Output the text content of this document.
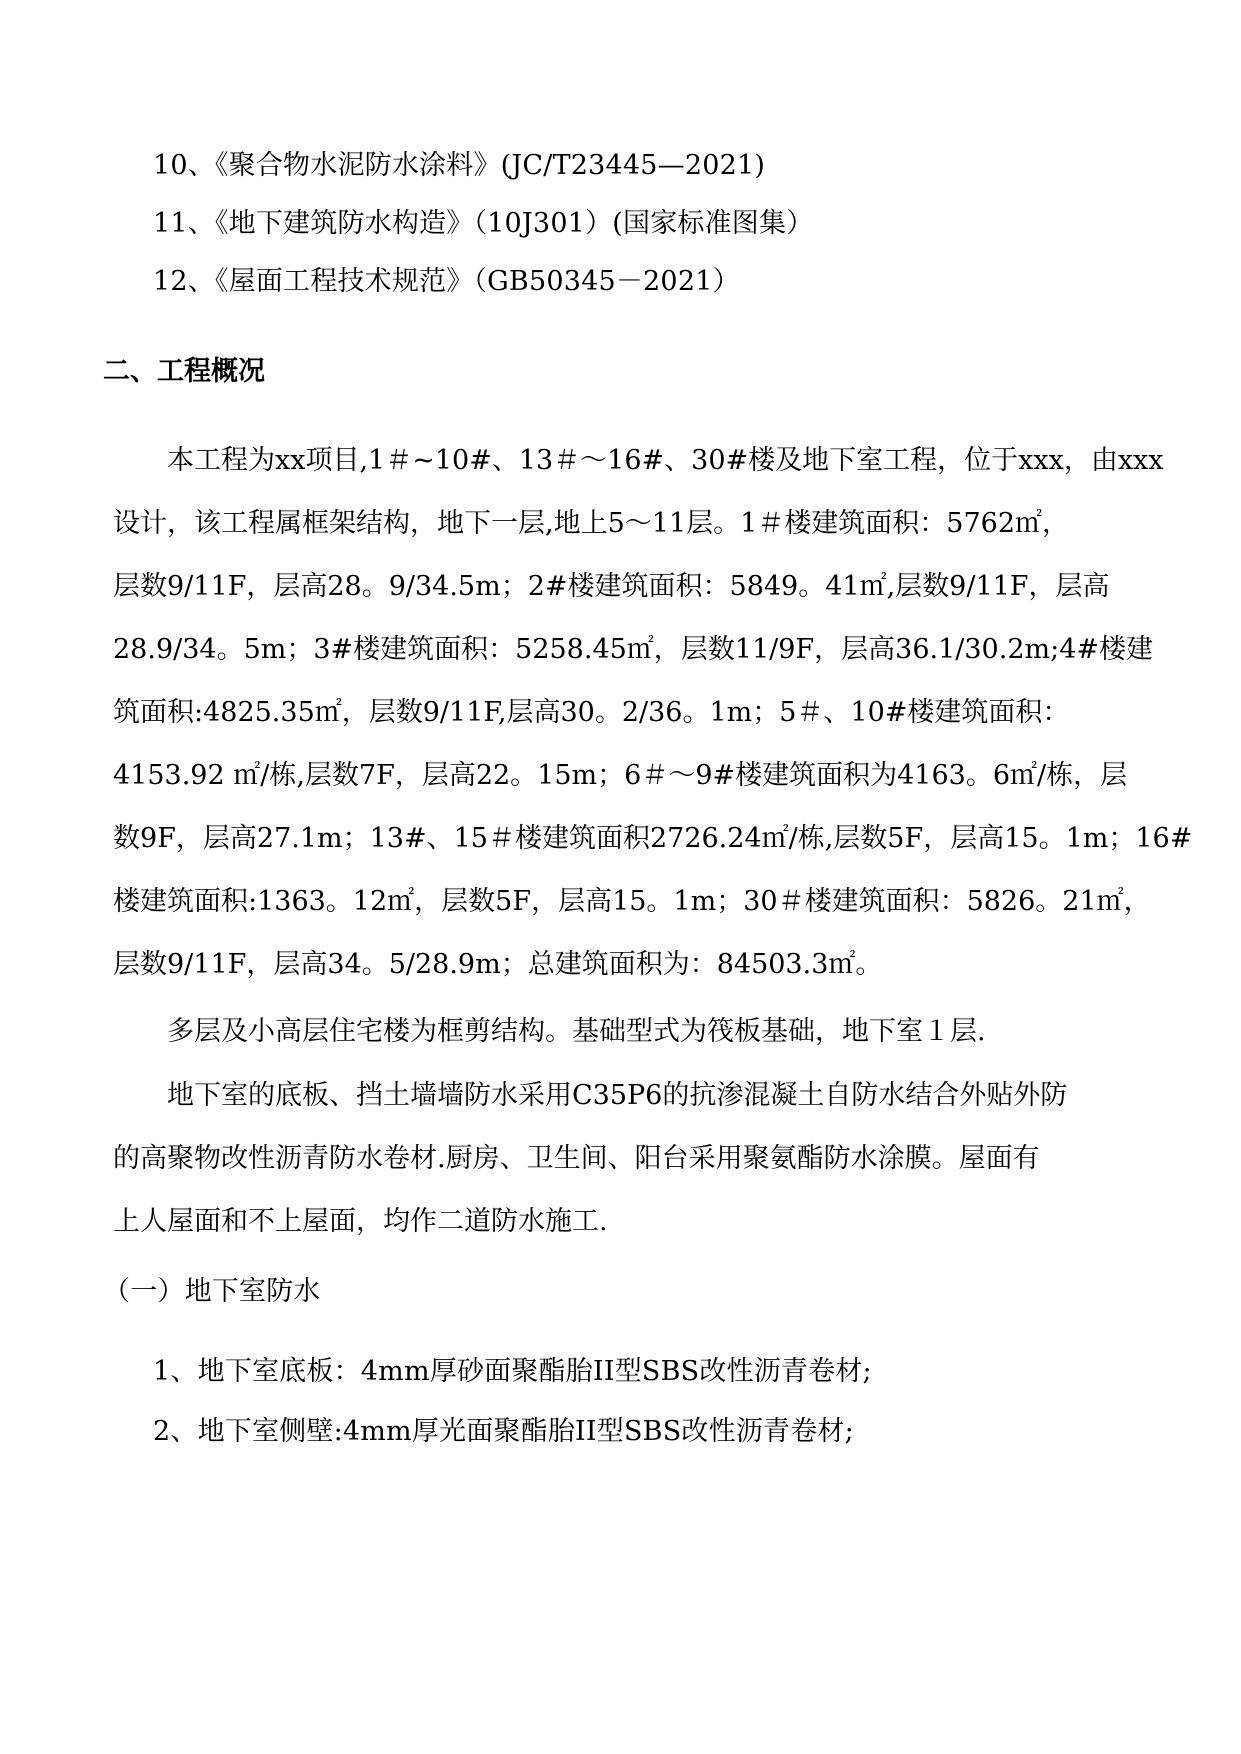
10、《聚合物水泥防水涂料》(JC/T23445—2021)
11、《地下建筑防水构造》（10J301）(国家标准图集）
12、《屋面工程技术规范》（GB50345－2021）
二、工程概况
本工程为xx项目,1＃~10#、13＃～16#、30#楼及地下室工程，位于xxx，由xxx
设计，该工程属框架结构，地下一层,地上5～11层。1＃楼建筑面积：5762㎡，
层数9/11F，层高28。9/34.5m；2#楼建筑面积：5849。41㎡,层数9/11F，层高
28.9/34。5m；3#楼建筑面积：5258.45㎡，层数11/9F，层高36.1/30.2m;4#楼建
筑面积:4825.35㎡，层数9/11F,层高30。2/36。1m；5＃、10#楼建筑面积：
4153.92 ㎡/栋,层数7F，层高22。15m；6＃～9#楼建筑面积为4163。6㎡/栋，层
数9F，层高27.1m；13#、15＃楼建筑面积2726.24㎡/栋,层数5F，层高15。1m；16#
楼建筑面积:1363。12㎡，层数5F，层高15。1m；30＃楼建筑面积：5826。21㎡，
层数9/11F，层高34。5/28.9m；总建筑面积为：84503.3㎡。
多层及小高层住宅楼为框剪结构。基础型式为筏板基础，地下室１层.
地下室的底板、挡土墙墙防水采用C35P6的抗渗混凝土自防水结合外贴外防
的高聚物改性沥青防水卷材.厨房、卫生间、阳台采用聚氨酯防水涂膜。屋面有
上人屋面和不上屋面，均作二道防水施工.
（一）地下室防水
1、地下室底板：4mm厚砂面聚酯胎II型SBS改性沥青卷材;
2、地下室侧壁:4mm厚光面聚酯胎II型SBS改性沥青卷材;
